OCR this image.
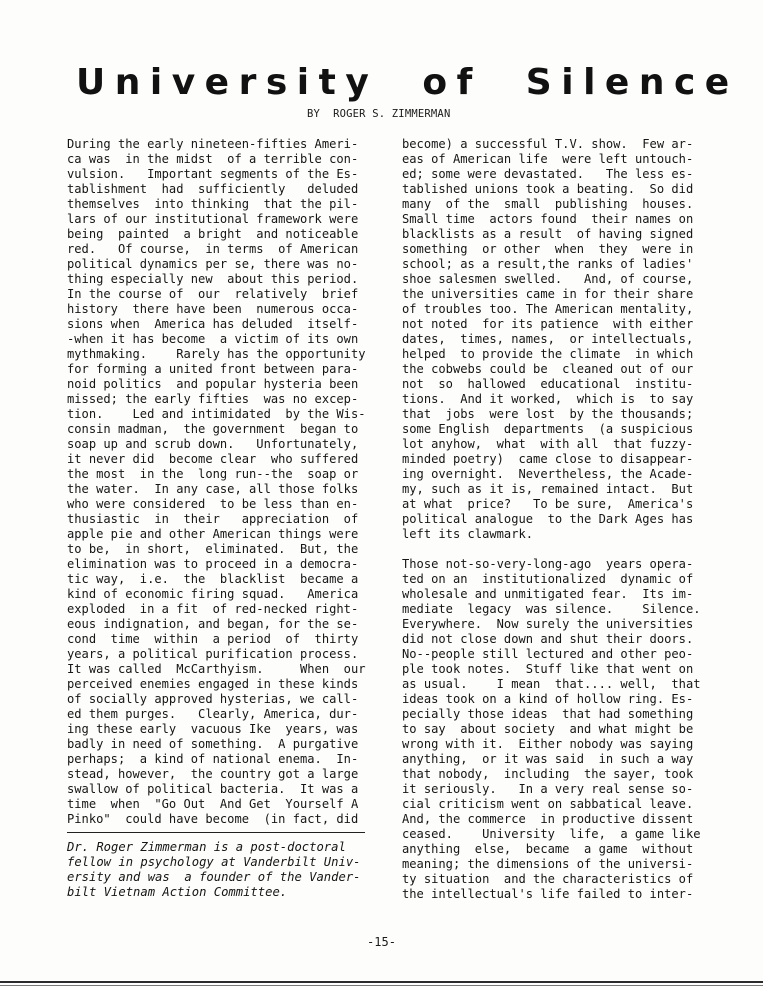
University  of  Silence
BY  ROGER S. ZIMMERMAN
During the early nineteen-fifties Ameri-
ca was  in the midst  of a terrible con-
vulsion.   Important segments of the Es-
tablishment  had  sufficiently   deluded
themselves  into thinking  that the pil-
lars of our institutional framework were
being  painted  a bright  and noticeable
red.   Of course,  in terms  of American
political dynamics per se, there was no-
thing especially new  about this period.
In the course of  our  relatively  brief
history  there have been  numerous occa-
sions when  America has deluded  itself-
-when it has become  a victim of its own
mythmaking.    Rarely has the opportunity
for forming a united front between para-
noid politics  and popular hysteria been
missed; the early fifties  was no excep-
tion.    Led and intimidated  by the Wis-
consin madman,  the government  began to
soap up and scrub down.   Unfortunately,
it never did  become clear  who suffered
the most  in the  long run--the  soap or
the water.  In any case, all those folks
who were considered  to be less than en-
thusiastic  in  their   appreciation  of
apple pie and other American things were
to be,  in short,  eliminated.  But, the
elimination was to proceed in a democra-
tic way,  i.e.  the  blacklist  became a
kind of economic firing squad.   America
exploded  in a fit  of red-necked right-
eous indignation, and began, for the se-
cond  time  within  a period  of  thirty
years, a political purification process.
It was called  McCarthyism.     When  our
perceived enemies engaged in these kinds
of socially approved hysterias, we call-
ed them purges.   Clearly, America, dur-
ing these early  vacuous Ike  years, was
badly in need of something.  A purgative
perhaps;  a kind of national enema.  In-
stead, however,  the country got a large
swallow of political bacteria.  It was a
time  when  "Go Out  And Get  Yourself A
Pinko"  could have become  (in fact, did
become) a successful T.V. show.  Few ar-
eas of American life  were left untouch-
ed; some were devastated.   The less es-
tablished unions took a beating.  So did
many  of the  small  publishing  houses.
Small time  actors found  their names on
blacklists as a result  of having signed
something  or other  when  they  were in
school; as a result,the ranks of ladies'
shoe salesmen swelled.   And, of course,
the universities came in for their share
of troubles too. The American mentality,
not noted  for its patience  with either
dates,  times, names,  or intellectuals,
helped  to provide the climate  in which
the cobwebs could be  cleaned out of our
not  so  hallowed  educational  institu-
tions.  And it worked,  which is  to say
that  jobs  were lost  by the thousands;
some English  departments  (a suspicious
lot anyhow,  what  with all  that fuzzy-
minded poetry)  came close to disappear-
ing overnight.  Nevertheless, the Acade-
my, such as it is, remained intact.  But
at what  price?   To be sure,  America's
political analogue  to the Dark Ages has
left its clawmark.
Those not-so-very-long-ago  years opera-
ted on an  institutionalized  dynamic of
wholesale and unmitigated fear.  Its im-
mediate  legacy  was silence.    Silence.
Everywhere.  Now surely the universities
did not close down and shut their doors.
No--people still lectured and other peo-
ple took notes.  Stuff like that went on
as usual.    I mean  that.... well,  that
ideas took on a kind of hollow ring. Es-
pecially those ideas  that had something
to say  about society  and what might be
wrong with it.  Either nobody was saying
anything,  or it was said  in such a way
that nobody,  including  the sayer, took
it seriously.   In a very real sense so-
cial criticism went on sabbatical leave.
And, the commerce  in productive dissent
ceased.    University  life,  a game like
anything  else,  became  a game  without
meaning; the dimensions of the universi-
ty situation  and the characteristics of
the intellectual's life failed to inter-
Dr. Roger Zimmerman is a post-doctoral
fellow in psychology at Vanderbilt Univ-
ersity and was  a founder of the Vander-
bilt Vietnam Action Committee.
-15-
